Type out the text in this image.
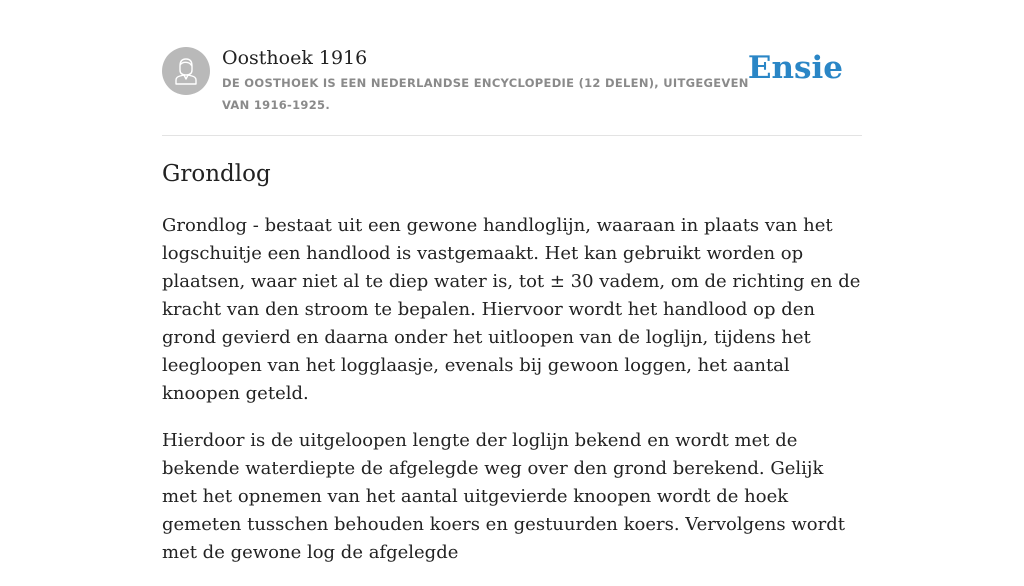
Oosthoek 1916
DE OOSTHOEK IS EEN NEDERLANDSE ENCYCLOPEDIE (12 DELEN), UITGEGEVEN VAN 1916-1925.
Ensie
Grondlog

Grondlog - bestaat uit een gewone handloglijn, waaraan in plaats van het logschuitje een handlood is vastgemaakt. Het kan gebruikt worden op plaatsen, waar niet al te diep water is, tot ± 30 vadem, om de richting en de kracht van den stroom te bepalen. Hiervoor wordt het handlood op den grond gevierd en daarna onder het uitloopen van de loglijn, tijdens het leegloopen van het logglaasje, evenals bij gewoon loggen, het aantal knoopen geteld.

Hierdoor is de uitgeloopen lengte der loglijn bekend en wordt met de bekende waterdiepte de afgelegde weg over den grond berekend. Gelijk met het opnemen van het aantal uitgevierde knoopen wordt de hoek gemeten tusschen behouden koers en gestuurden koers. Vervolgens wordt met de gewone log de afgelegde
